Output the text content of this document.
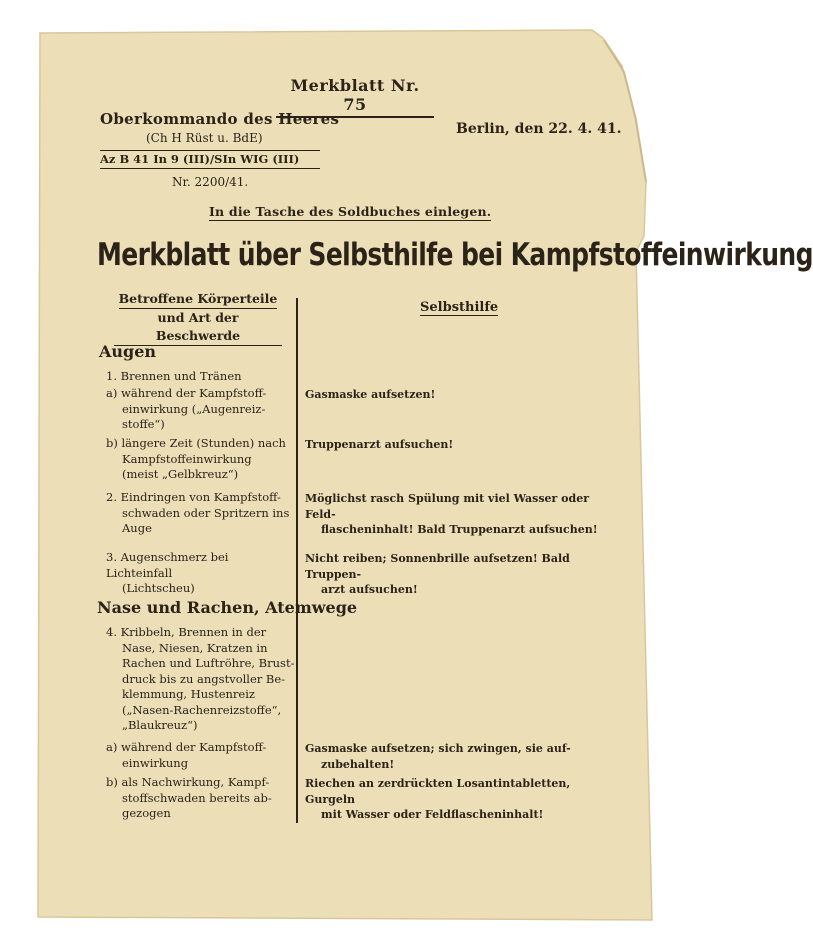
Merkblatt Nr. 75
Oberkommando des Heeres
(Ch H Rüst u. BdE)
Az B 41 In 9 (III)/SIn WIG (III)
Nr. 2200/41.
Berlin, den 22. 4. 41.
In die Tasche des Soldbuches einlegen.
Merkblatt über Selbsthilfe bei Kampfstoffeinwirkung
Betroffene Körperteile
und Art der Beschwerde
Selbsthilfe
Augen
1. Brennen und Tränen
a) während der Kampfstoff-
einwirkung („Augenreiz-
stoffe“)
Gasmaske aufsetzen!
b) längere Zeit (Stunden) nach
Kampfstoffeinwirkung
(meist „Gelbkreuz“)
Truppenarzt aufsuchen!
2. Eindringen von Kampfstoff-
schwaden oder Spritzern ins
Auge
Möglichst rasch Spülung mit viel Wasser oder Feld-
flascheninhalt! Bald Truppenarzt aufsuchen!
3. Augenschmerz bei Lichteinfall
(Lichtscheu)
Nicht reiben; Sonnenbrille aufsetzen! Bald Truppen-
arzt aufsuchen!
Nase und Rachen, Atemwege
4. Kribbeln, Brennen in der
Nase, Niesen, Kratzen in
Rachen und Luftröhre, Brust-
druck bis zu angstvoller Be-
klemmung, Hustenreiz
(„Nasen-Rachenreizstoffe“,
„Blaukreuz“)
a) während der Kampfstoff-
einwirkung
Gasmaske aufsetzen; sich zwingen, sie auf-
zubehalten!
b) als Nachwirkung, Kampf-
stoffschwaden bereits ab-
gezogen
Riechen an zerdrückten Losantintabletten, Gurgeln
mit Wasser oder Feldflascheninhalt!
